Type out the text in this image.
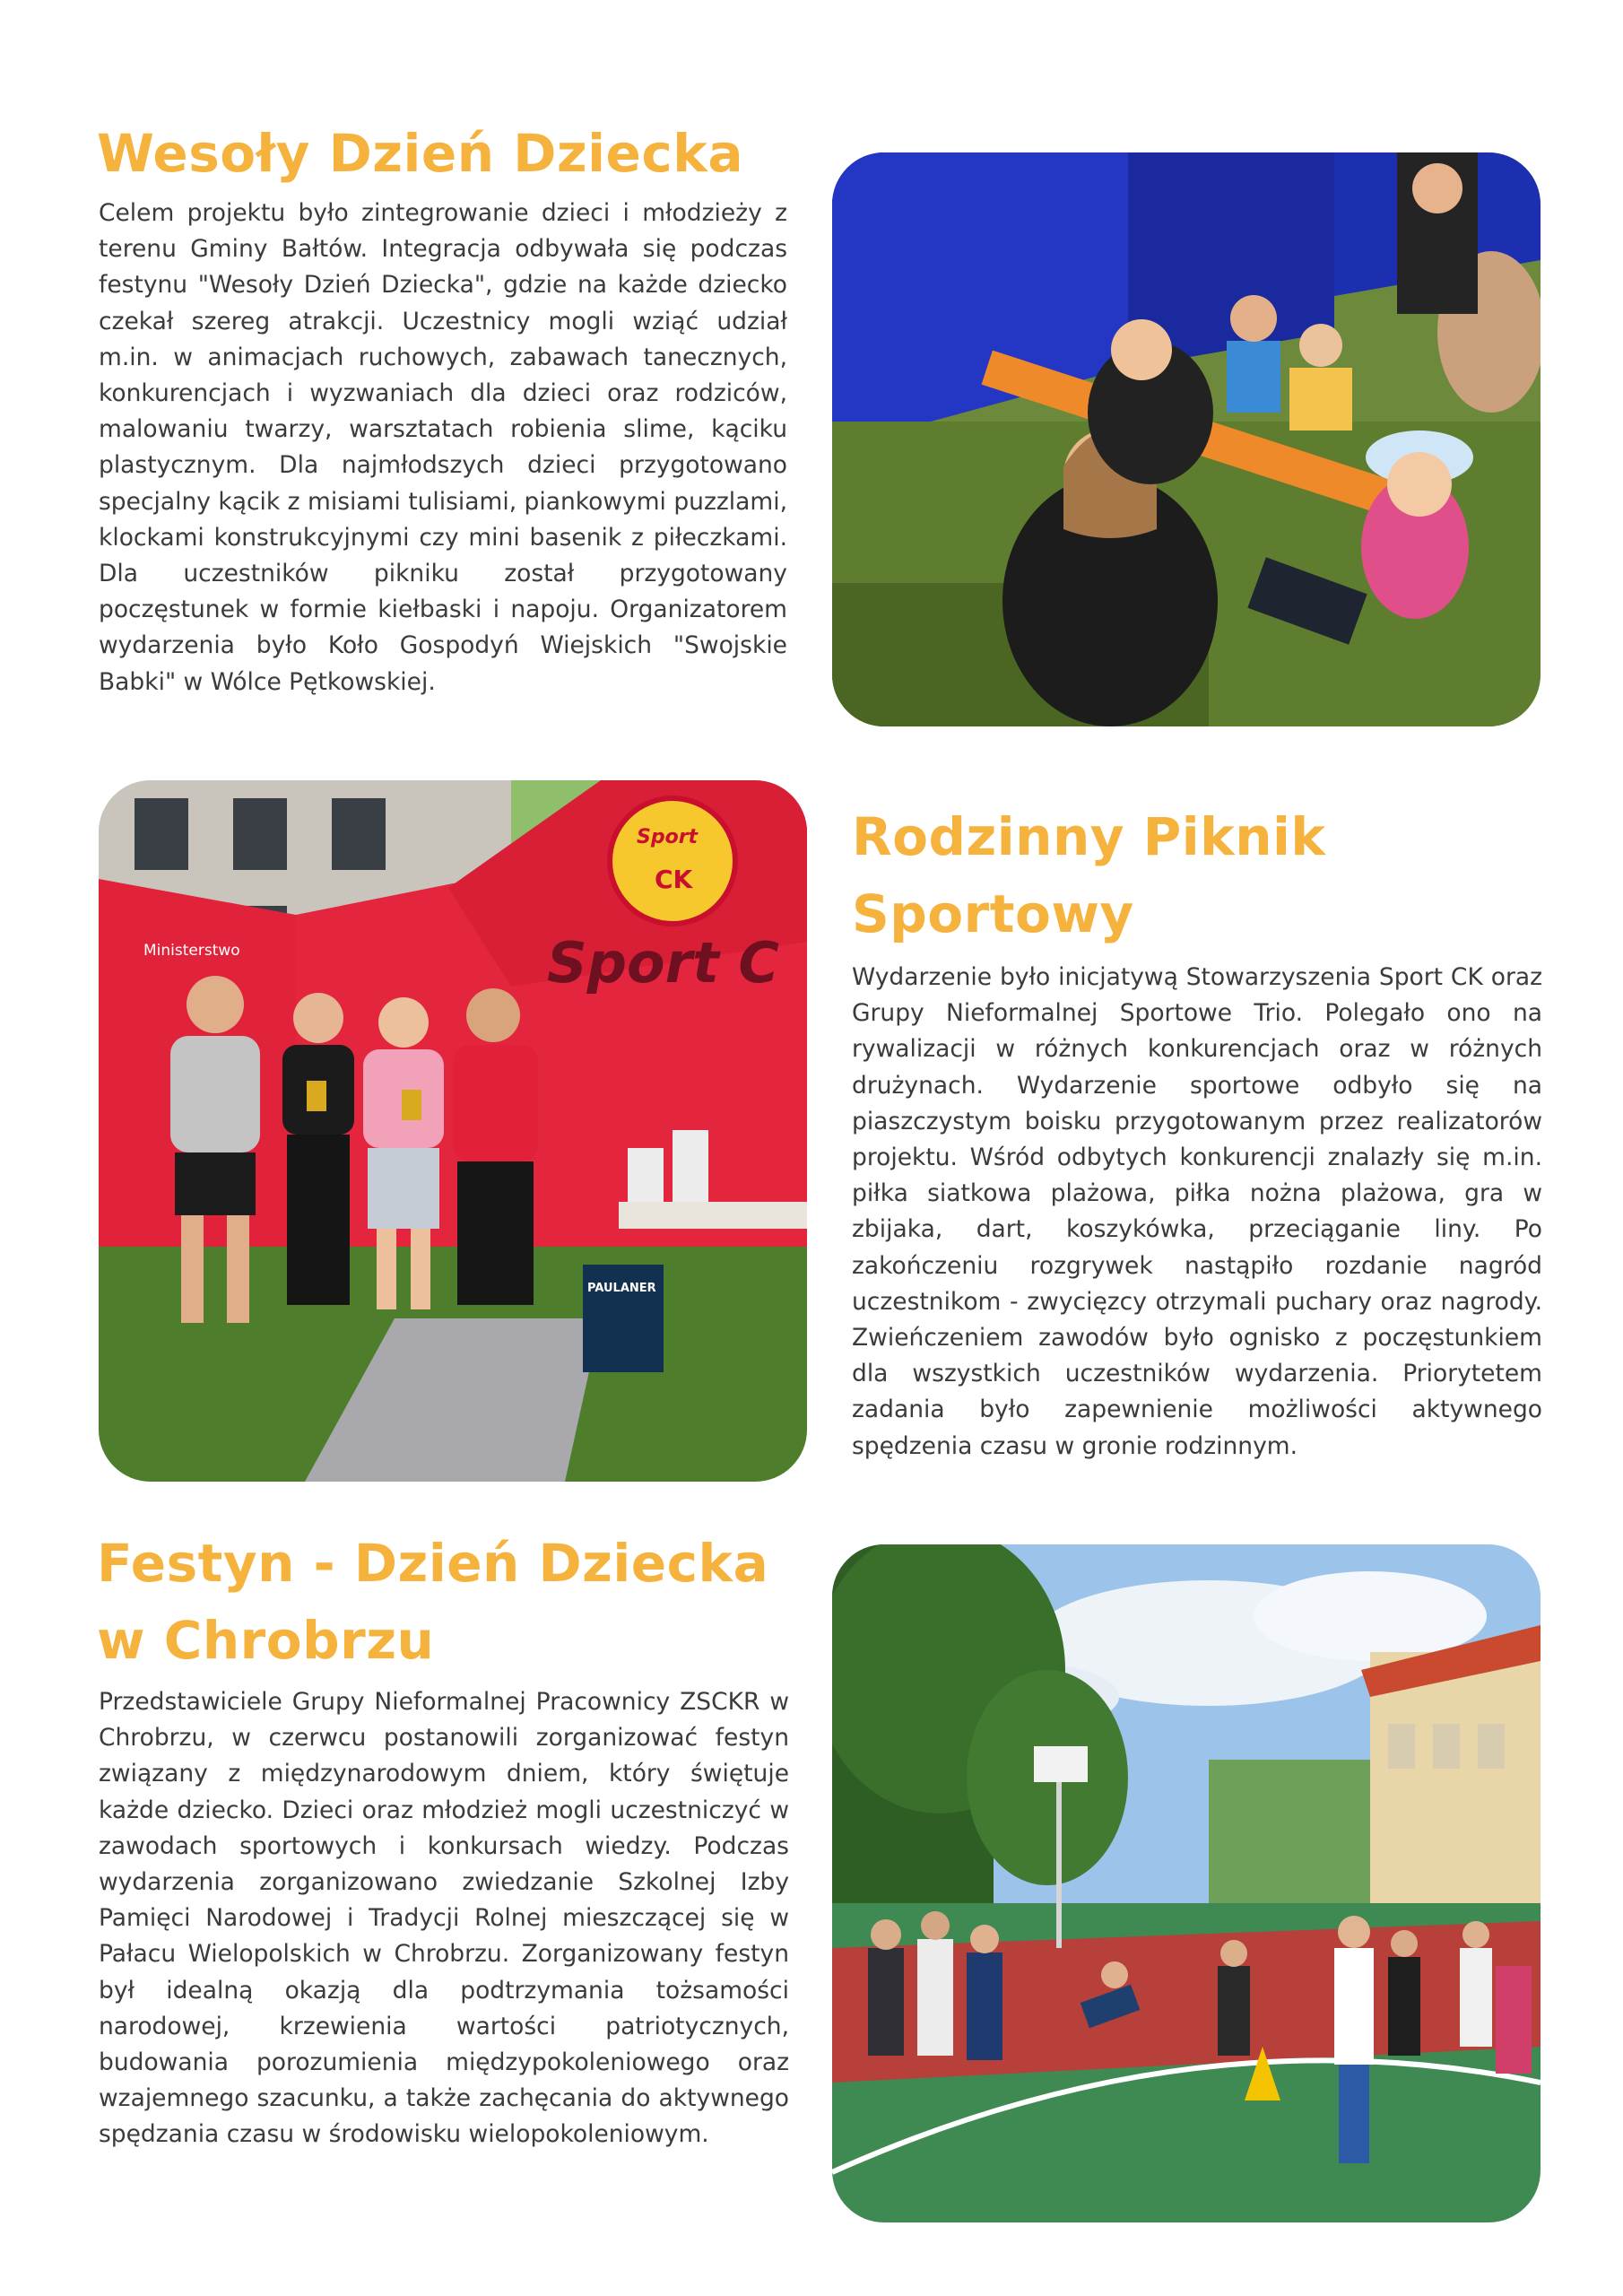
Wesoły Dzień Dziecka

Celem projektu było zintegrowanie dzieci i młodzieży z terenu Gminy Bałtów. Integracja odbywała się podczas festynu "Wesoły Dzień Dziecka", gdzie na każde dziecko czekał szereg atrakcji. Uczestnicy mogli wziąć udział m.in. w animacjach ruchowych, zabawach tanecznych, konkurencjach i wyzwaniach dla dzieci oraz rodziców, malowaniu twarzy, warsztatach robienia slime, kąciku plastycznym. Dla najmłodszych dzieci przygotowano specjalny kącik z misiami tulisiami, piankowymi puzzlami, klockami konstrukcyjnymi czy mini basenik z piłeczkami. Dla uczestników pikniku został przygotowany poczęstunek w formie kiełbaski i napoju. Organizatorem wydarzenia było Koło Gospodyń Wiejskich "Swojskie Babki" w Wólce Pętkowskiej.

Sport
CK
Sport C
Ministerstwo
PAULANER
Rodzinny Piknik
Sportowy

Wydarzenie było inicjatywą Stowarzyszenia Sport CK oraz Grupy Nieformalnej Sportowe Trio. Polegało ono na rywalizacji w różnych konkurencjach oraz w różnych drużynach. Wydarzenie sportowe odbyło się na piaszczystym boisku przygotowanym przez realizatorów projektu. Wśród odbytych konkurencji znalazły się m.in. piłka siatkowa plażowa, piłka nożna plażowa, gra w zbijaka, dart, koszykówka, przeciąganie liny. Po zakończeniu rozgrywek nastąpiło rozdanie nagród uczestnikom - zwycięzcy otrzymali puchary oraz nagrody. Zwieńczeniem zawodów było ognisko z poczęstunkiem dla wszystkich uczestników wydarzenia. Priorytetem zadania było zapewnienie możliwości aktywnego spędzenia czasu w gronie rodzinnym.

Festyn - Dzień Dziecka
w Chrobrzu

Przedstawiciele Grupy Nieformalnej Pracownicy ZSCKR w Chrobrzu, w czerwcu postanowili zorganizować festyn związany z międzynarodowym dniem, który świętuje każde dziecko. Dzieci oraz młodzież mogli uczestniczyć w zawodach sportowych i konkursach wiedzy. Podczas wydarzenia zorganizowano zwiedzanie Szkolnej Izby Pamięci Narodowej i Tradycji Rolnej mieszczącej się w Pałacu Wielopolskich w Chrobrzu. Zorganizowany festyn był idealną okazją dla podtrzymania tożsamości narodowej, krzewienia wartości patriotycznych, budowania porozumienia międzypokoleniowego oraz wzajemnego szacunku, a także zachęcania do aktywnego spędzania czasu w środowisku wielopokoleniowym.
